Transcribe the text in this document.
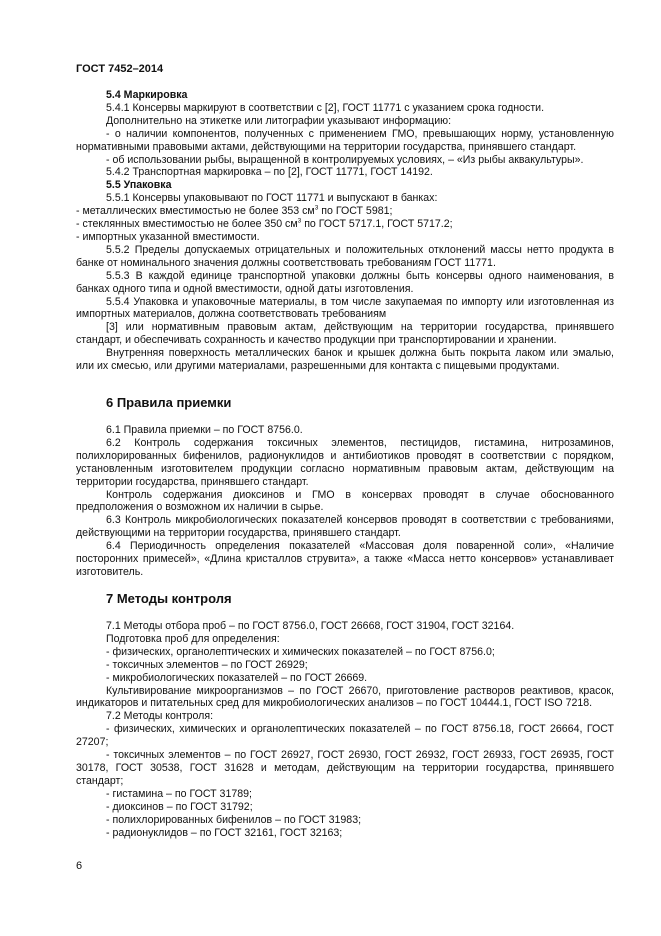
ГОСТ 7452–2014

5.4 Маркировка

5.4.1 Консервы маркируют в соответствии с [2], ГОСТ 11771 с указанием срока годности.

Дополнительно на этикетке или литографии указывают информацию:

- о наличии компонентов, полученных с применением ГМО, превышающих норму, установленную нормативными правовыми актами, действующими на территории государства, принявшего стандарт.

- об использовании рыбы, выращенной в контролируемых условиях, – «Из рыбы аквакультуры».

5.4.2 Транспортная маркировка – по [2], ГОСТ 11771, ГОСТ 14192.

5.5 Упаковка

5.5.1 Консервы упаковывают по ГОСТ 11771 и выпускают в банках:

- металлических вместимостью не более 353 $см^3$ по ГОСТ 5981;

- стеклянных вместимостью не более 350 $см^3$ по ГОСТ 5717.1, ГОСТ 5717.2;

- импортных указанной вместимости.

5.5.2 Пределы допускаемых отрицательных и положительных отклонений массы нетто продукта в банке от номинального значения должны соответствовать требованиям ГОСТ 11771.

5.5.3 В каждой единице транспортной упаковки должны быть консервы одного наименования, в банках одного типа и одной вместимости, одной даты изготовления.

5.5.4 Упаковка и упаковочные материалы, в том числе закупаемая по импорту или изготовленная из импортных материалов, должна соответствовать требованиям

[3] или нормативным правовым актам, действующим на территории государства, принявшего стандарт, и обеспечивать сохранность и качество продукции при транспортировании и хранении.

Внутренняя поверхность металлических банок и крышек должна быть покрыта лаком или эмалью, или их смесью, или другими материалами, разрешенными для контакта с пищевыми продуктами.

6 Правила приемки

6.1 Правила приемки – по ГОСТ 8756.0.

6.2 Контроль содержания токсичных элементов, пестицидов, гистамина, нитрозаминов, полихлорированных бифенилов, радионуклидов и антибиотиков проводят в соответствии с порядком, установленным изготовителем продукции согласно нормативным правовым актам, действующим на территории государства, принявшего стандарт.

Контроль содержания диоксинов и ГМО в консервах проводят в случае обоснованного предположения о возможном их наличии в сырье.

6.3 Контроль микробиологических показателей консервов проводят в соответствии с требованиями, действующими на территории государства, принявшего стандарт.

6.4 Периодичность определения показателей «Массовая доля поваренной соли», «Наличие посторонних примесей», «Длина кристаллов струвита», а также «Масса нетто консервов» устанавливает изготовитель.

7 Методы контроля

7.1 Методы отбора проб – по ГОСТ 8756.0, ГОСТ 26668, ГОСТ 31904, ГОСТ 32164.

Подготовка проб для определения:

- физических, органолептических и химических показателей – по ГОСТ 8756.0;

- токсичных элементов – по ГОСТ 26929;

- микробиологических показателей – по ГОСТ 26669.

Культивирование микроорганизмов – по ГОСТ 26670, приготовление растворов реактивов, красок, индикаторов и питательных сред для микробиологических анализов – по ГОСТ 10444.1, ГОСТ ISO 7218.

7.2 Методы контроля:

- физических, химических и органолептических показателей – по ГОСТ 8756.18, ГОСТ 26664, ГОСТ 27207;

- токсичных элементов – по ГОСТ 26927, ГОСТ 26930, ГОСТ 26932, ГОСТ 26933, ГОСТ 26935, ГОСТ 30178, ГОСТ 30538, ГОСТ 31628 и методам, действующим на территории государства, принявшего стандарт;

- гистамина – по ГОСТ 31789;

- диоксинов – по ГОСТ 31792;

- полихлорированных бифенилов – по ГОСТ 31983;

- радионуклидов – по ГОСТ 32161, ГОСТ 32163;

6
